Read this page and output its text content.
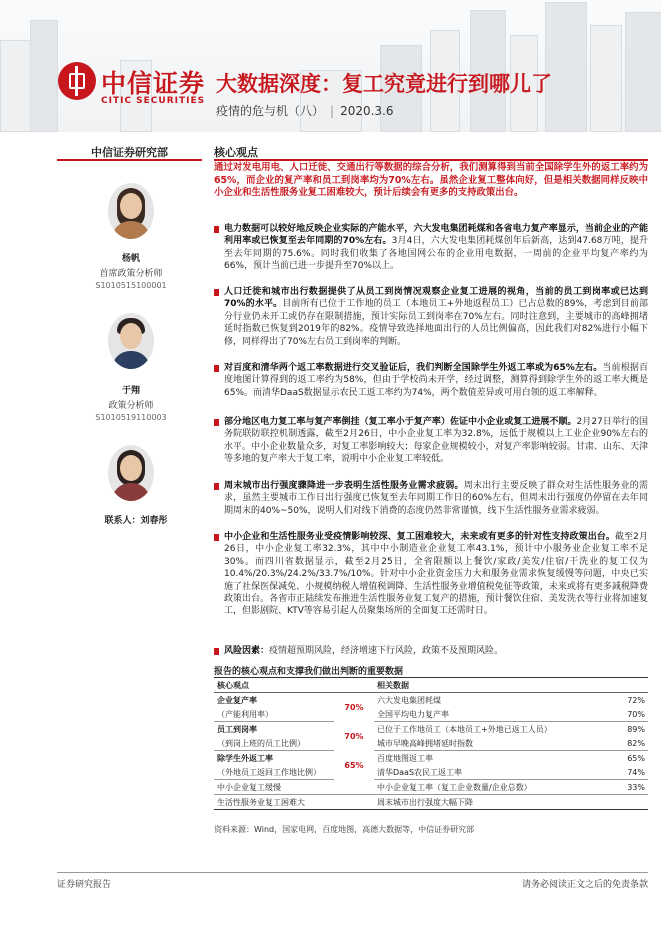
中信证券
CITIC SECURITIES
大数据深度：复工究竟进行到哪儿了
疫情的危与机（八） | 2020.3.6
中信证券研究部	核心观点
杨帆
首席政策分析师
S1010515100001
于翔
政策分析师
S1010519110003
联系人：刘春彤
通过对发电用电、人口迁徙、交通出行等数据的综合分析，我们测算得到当前全国除学生外的返工率约为65%，而企业的复产率和员工到岗率均为70%左右。虽然企业复工整体向好，但是相关数据同样反映中小企业和生活性服务业复工困难较大，预计后续会有更多的支持政策出台。
电力数据可以较好地反映企业实际的产能水平，六大发电集团耗煤和各省电力复产率显示，当前企业的产能利用率或已恢复至去年同期的70%左右。3月4日，六大发电集团耗煤创年后新高，达到47.68万吨，提升至去年同期的75.6%。同时我们收集了各地国网公布的企业用电数据，一周前的企业平均复产率约为66%，预计当前已进一步提升至70%以上。
人口迁徙和城市出行数据提供了从员工到岗情况观察企业复工进展的视角，当前的员工到岗率或已达到70%的水平。目前所有已位于工作地的员工（本地员工+外地返程员工）已占总数的89%，考虑到目前部分行业仍未开工或仍存在限制措施，预计实际员工到岗率在70%左右。同时注意到，主要城市的高峰拥堵延时指数已恢复到2019年的82%。疫情导致选择地面出行的人员比例偏高，因此我们对82%进行小幅下修，同样得出了70%左右员工到岗率的判断。
对百度和清华两个返工率数据进行交叉验证后，我们判断全国除学生外返工率或为65%左右。当前根据百度地图计算得到的返工率约为58%，但由于学校尚未开学，经过调整，测算得到除学生外的返工率大概是65%。而清华DaaS数据显示农民工返工率约为74%，两个数值差异或可用白领的返工率解释。
部分地区电力复工率与复产率倒挂（复工率小于复产率）佐证中小企业或复工进展不顺。2月27日举行的国务院联防联控机制透露，截至2月26日，中小企业复工率为32.8%，远低于规模以上工业企业90%左右的水平。中小企业数量众多，对复工率影响较大；每家企业规模较小，对复产率影响较弱。甘肃、山东、天津等多地的复产率大于复工率，说明中小企业复工率较低。
周末城市出行强度骤降进一步表明生活性服务业需求疲弱。周末出行主要反映了群众对生活性服务业的需求，虽然主要城市工作日出行强度已恢复至去年同期工作日的60%左右，但周末出行强度仍停留在去年同期周末的40%~50%，说明人们对线下消费的态度仍然非常谨慎，线下生活性服务业需求疲弱。
中小企业和生活性服务业受疫情影响较深、复工困难较大，未来或有更多的针对性支持政策出台。截至2月26日，中小企业复工率32.3%，其中中小制造业企业复工率43.1%，预计中小服务业企业复工率不足30%。而四川省数据显示，截至2月25日，全省限额以上餐饮/家政/美发/住宿/干洗业的复工仅为10.4%/20.3%/24.2%/33.7%/10%。针对中小企业资金压力大和服务业需求恢复缓慢等问题，中央已实施了社保医保减免、小规模纳税人增值税调降、生活性服务业增值税免征等政策，未来或将有更多减税降费政策出台。各省市正陆续发布推进生活性服务业复工复产的措施，预计餐饮住宿、美发洗衣等行业将加速复工，但影剧院、KTV等容易引起人员聚集场所的全面复工还需时日。
风险因素：疫情超预期风险，经济增速下行风险，政策不及预期风险。
报告的核心观点和支撑我们做出判断的重要数据
核心观点		相关数据	
企业复产率	70%	六大发电集团耗煤	72%
（产能利用率）		全国平均电力复产率	70%
员工到岗率	70%	已位于工作地员工（本地员工+外地已返工人员）	89%
（到岗上班的员工比例）		城市早晚高峰拥堵延时指数	82%
除学生外返工率	65%	百度地图返工率	65%
（外地员工返回工作地比例）		清华DaaS农民工返工率	74%
中小企业复工缓慢		中小企业复工率（复工企业数量/企业总数）	33%
生活性服务业复工困难大		周末城市出行强度大幅下降	
资料来源：Wind，国家电网，百度地图，高德大数据等，中信证券研究部
证券研究报告	请务必阅读正文之后的免责条款
